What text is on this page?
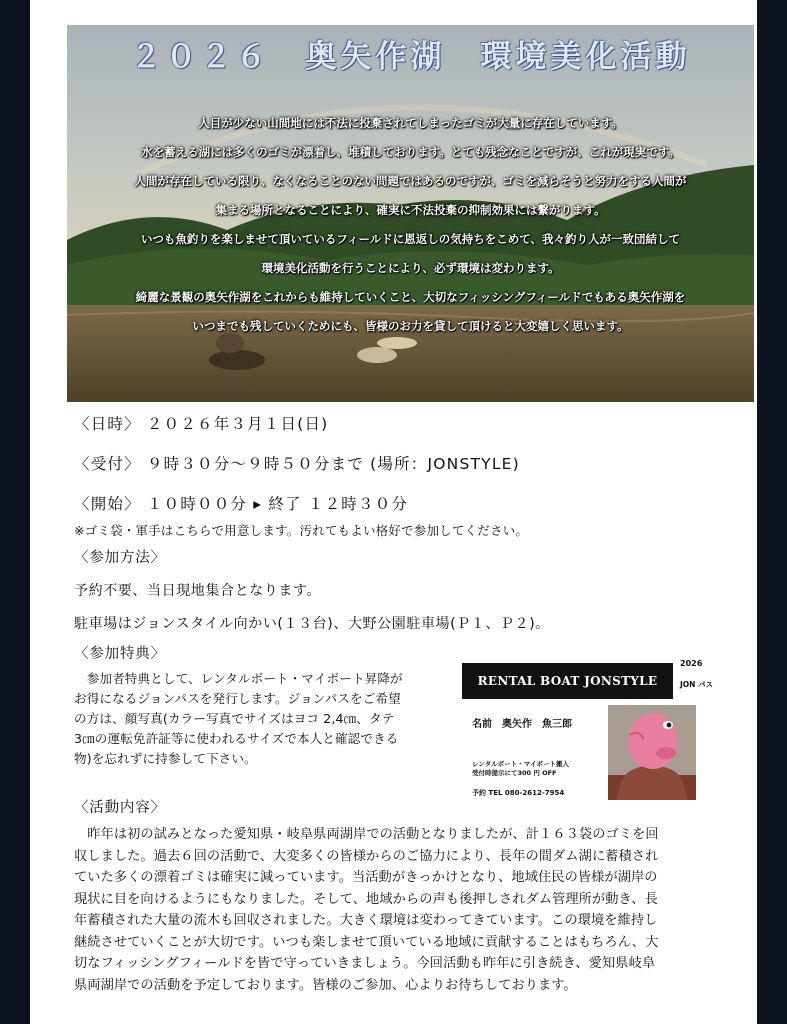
２０２６　奥矢作湖　環境美化活動
人目が少ない山間地には不法に投棄されてしまったゴミが大量に存在しています。
水を蓄える湖には多くのゴミが漂着し、堆積しております。とても残念なことですが、これが現実です。
人間が存在している限り、なくなることのない問題ではあるのですが、ゴミを減らそうと努力をする人間が
集まる場所となることにより、確実に不法投棄の抑制効果には繋がります。
いつも魚釣りを楽しませて頂いているフィールドに恩返しの気持ちをこめて、我々釣り人が一致団結して
環境美化活動を行うことにより、必ず環境は変わります。
綺麗な景観の奥矢作湖をこれからも維持していくこと、大切なフィッシングフィールドでもある奥矢作湖を
いつまでも残していくためにも、皆様のお力を貸して頂けると大変嬉しく思います。
〈日時〉 ２０２６年３月１日(日)
〈受付〉 ９時３０分～９時５０分まで (場所：JONSTYLE)
〈開始〉 １０時００分 ▸ 終了 １２時３０分
※ゴミ袋・軍手はこちらで用意します。汚れてもよい格好で参加してください。
〈参加方法〉
予約不要、当日現地集合となります。
駐車場はジョンスタイル向かい(１３台)、大野公園駐車場(Ｐ１、Ｐ２)。
〈参加特典〉
　参加者特典として、レンタルボート・マイボート昇降が
お得になるジョンパスを発行します。ジョンパスをご希望
の方は、顔写真(カラー写真でサイズはヨコ 2,4㎝、タテ
3㎝の運転免許証等に使われるサイズで本人と確認できる
物)を忘れずに持参して下さい。
RENTAL BOAT JONSTYLE
2026
JON パス
名前　奥矢作　魚三郎
レンタルボート・マイボート搬入
受付時提示にて300 円 OFF
予約 TEL 080-2612-7954
〈活動内容〉
　昨年は初の試みとなった愛知県・岐阜県両湖岸での活動となりましたが、計１６３袋のゴミを回
収しました。過去６回の活動で、大変多くの皆様からのご協力により、長年の間ダム湖に蓄積され
ていた多くの漂着ゴミは確実に減っています。当活動がきっかけとなり、地域住民の皆様が湖岸の
現状に目を向けるようにもなりました。そして、地域からの声も後押しされダム管理所が動き、長
年蓄積された大量の流木も回収されました。大きく環境は変わってきています。この環境を維持し
継続させていくことが大切です。いつも楽しませて頂いている地域に貢献することはもちろん、大
切なフィッシングフィールドを皆で守っていきましょう。今回活動も昨年に引き続き、愛知県岐阜
県両湖岸での活動を予定しております。皆様のご参加、心よりお待ちしております。
